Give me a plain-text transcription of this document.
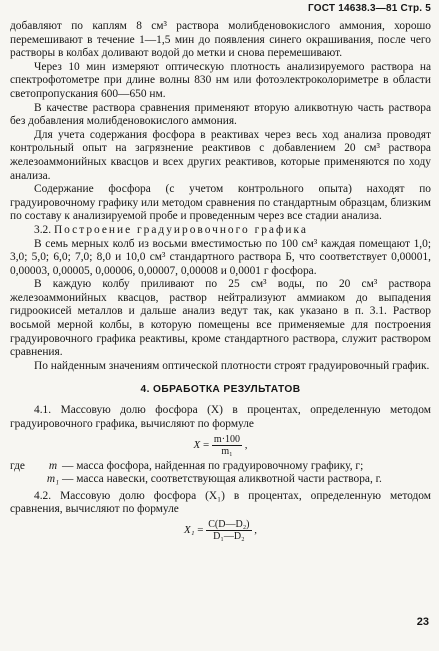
ГОСТ 14638.3—81 Стр. 5

добавляют по каплям 8 см³ раствора молибденовокислого аммония, хорошо перемешивают в течение 1—1,5 мин до появления синего окрашивания, после чего растворы в колбах доливают водой до метки и снова перемешивают.

Через 10 мин измеряют оптическую плотность анализируемого раствора на спектрофотометре при длине волны 830 нм или фотоэлектроколориметре в области светопропускания 600—650 нм.

В качестве раствора сравнения применяют вторую аликвотную часть раствора без добавления молибденовокислого аммония.

Для учета содержания фосфора в реактивах через весь ход анализа проводят контрольный опыт на загрязнение реактивов с добавлением 20 см³ раствора железоаммонийных квасцов и всех других реактивов, которые применяются по ходу анализа.

Содержание фосфора (с учетом контрольного опыта) находят по градуировочному графику или методом сравнения по стандартным образцам, близким по составу к анализируемой пробе и проведенным через все стадии анализа.

3.2. Построение градуировочного графика

В семь мерных колб из восьми вместимостью по 100 см³ каждая помещают 1,0; 3,0; 5,0; 6,0; 7,0; 8,0 и 10,0 см³ стандартного раствора Б, что соответствует 0,00001, 0,00003, 0,00005, 0,00006, 0,00007, 0,00008 и 0,0001 г фосфора.

В каждую колбу приливают по 25 см³ воды, по 20 см³ раствора железоаммонийных квасцов, раствор нейтрализуют аммиаком до выпадения гидроокисей металлов и дальше анализ ведут так, как указано в п. 3.1. Раствор восьмой мерной колбы, в которую помещены все применяемые для построения градуировочного графика реактивы, кроме стандартного раствора, служит раствором сравнения.

По найденным значениям оптической плотности строят градуировочный график.

4. ОБРАБОТКА РЕЗУЛЬТАТОВ

4.1. Массовую долю фосфора (X) в процентах, определенную методом градуировочного графика, вычисляют по формуле

$X = \frac{m\cdot 100}{\text{m₁}}$ ,
где	m — масса фосфора, найденная по градуировочному графику, г;
m₁ — масса навески, соответствующая аликвотной части раствора, г.

4.2. Массовую долю фосфора (X₁) в процентах, определенную методом сравнения, вычисляют по формуле

$X_1 = \frac{\text{C(D—D₂)}}{\text{D₁—D₂}}$ ,
23
